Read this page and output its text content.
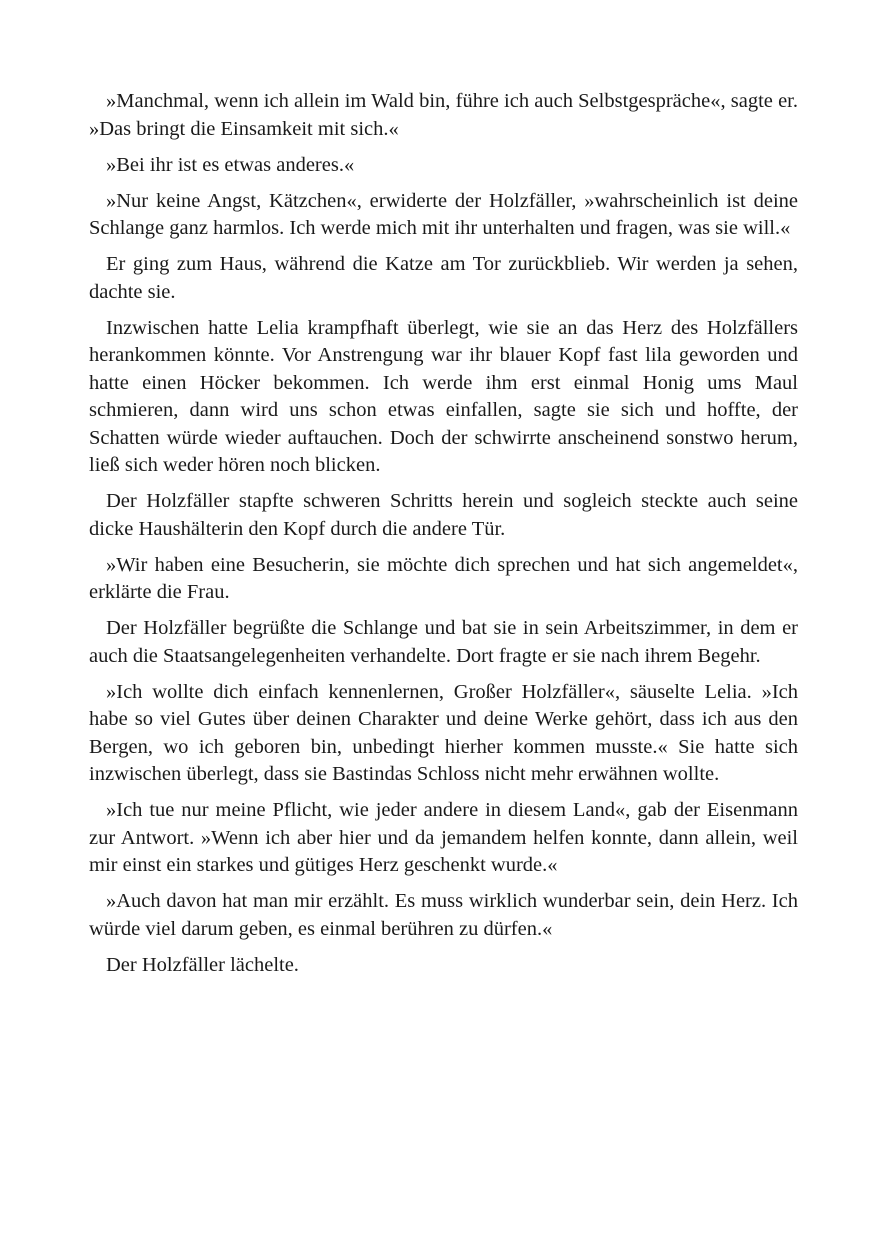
»Manchmal, wenn ich allein im Wald bin, führe ich auch Selbstgespräche«, sagte er. »Das bringt die Einsamkeit mit sich.«

»Bei ihr ist es etwas anderes.«

»Nur keine Angst, Kätzchen«, erwiderte der Holzfäller, »wahrscheinlich ist deine Schlange ganz harmlos. Ich werde mich mit ihr unterhalten und fragen, was sie will.«

Er ging zum Haus, während die Katze am Tor zurückblieb. Wir werden ja sehen, dachte sie.

Inzwischen hatte Lelia krampfhaft überlegt, wie sie an das Herz des Holzfällers herankommen könnte. Vor Anstrengung war ihr blauer Kopf fast lila geworden und hatte einen Höcker bekommen. Ich werde ihm erst einmal Honig ums Maul schmieren, dann wird uns schon etwas einfallen, sagte sie sich und hoffte, der Schatten würde wieder auftauchen. Doch der schwirrte anscheinend sonstwo herum, ließ sich weder hören noch blicken.

Der Holzfäller stapfte schweren Schritts herein und sogleich steckte auch seine dicke Haushälterin den Kopf durch die andere Tür.

»Wir haben eine Besucherin, sie möchte dich sprechen und hat sich angemeldet«, erklärte die Frau.

Der Holzfäller begrüßte die Schlange und bat sie in sein Arbeitszimmer, in dem er auch die Staatsangelegenheiten verhandelte. Dort fragte er sie nach ihrem Begehr.

»Ich wollte dich einfach kennenlernen, Großer Holzfäller«, säuselte Lelia. »Ich habe so viel Gutes über deinen Charakter und deine Werke gehört, dass ich aus den Bergen, wo ich geboren bin, unbedingt hierher kommen musste.« Sie hatte sich inzwischen überlegt, dass sie Bastindas Schloss nicht mehr erwähnen wollte.

»Ich tue nur meine Pflicht, wie jeder andere in diesem Land«, gab der Eisenmann zur Antwort. »Wenn ich aber hier und da jemandem helfen konnte, dann allein, weil mir einst ein starkes und gütiges Herz geschenkt wurde.«

»Auch davon hat man mir erzählt. Es muss wirklich wunderbar sein, dein Herz. Ich würde viel darum geben, es einmal berühren zu dürfen.«

Der Holzfäller lächelte.
